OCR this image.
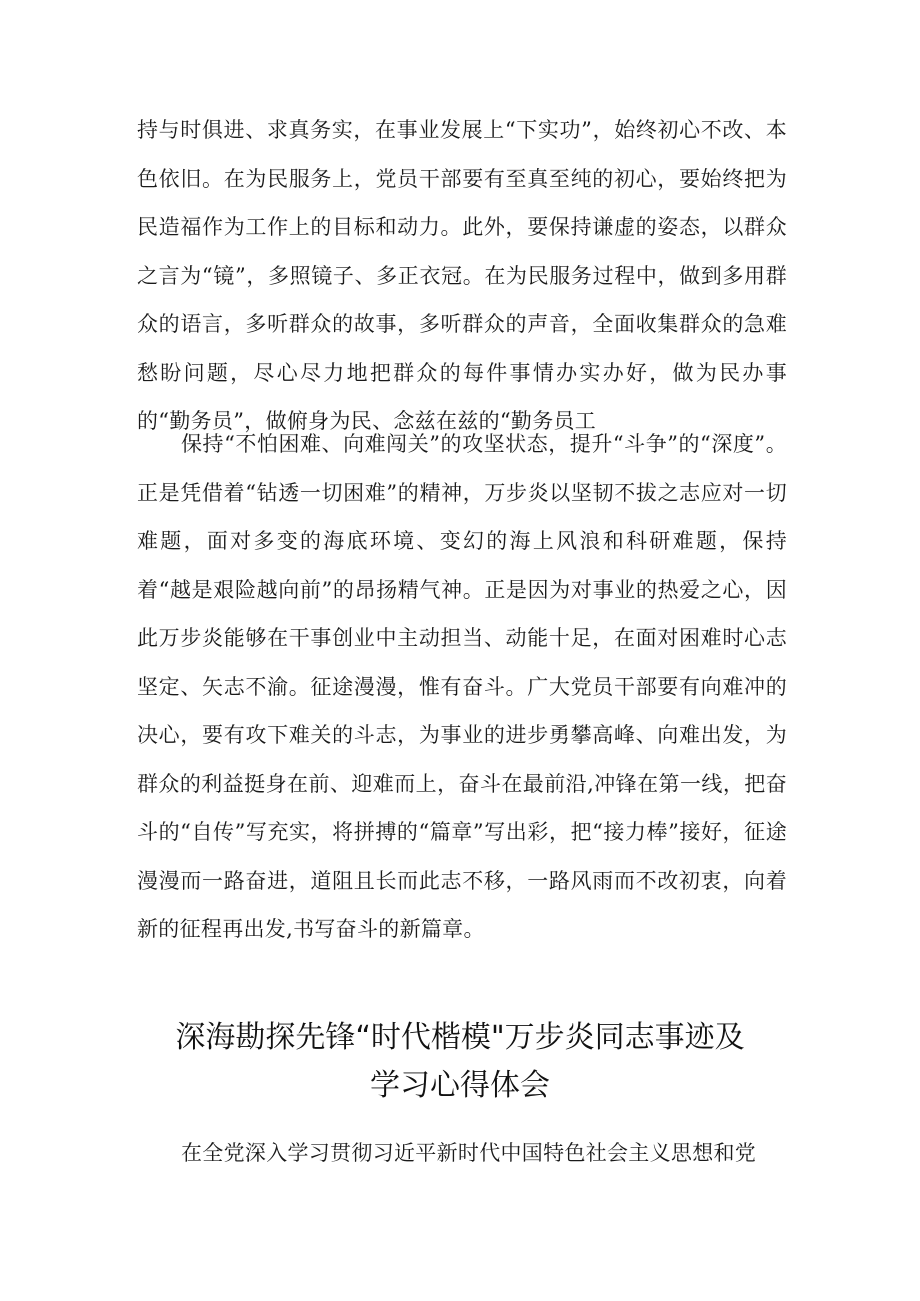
持与时俱进、求真务实，在事业发展上“下实功”，始终初心不改、本色依旧。在为民服务上，党员干部要有至真至纯的初心，要始终把为民造福作为工作上的目标和动力。此外，要保持谦虚的姿态，以群众之言为“镜”，多照镜子、多正衣冠。在为民服务过程中，做到多用群众的语言，多听群众的故事，多听群众的声音，全面收集群众的急难愁盼问题，尽心尽力地把群众的每件事情办实办好，做为民办事的“勤务员”，做俯身为民、念兹在兹的“勤务员工

保持“不怕困难、向难闯关”的攻坚状态，提升“斗争”的“深度”。正是凭借着“钻透一切困难”的精神，万步炎以坚韧不拔之志应对一切难题，面对多变的海底环境、变幻的海上风浪和科研难题，保持着“越是艰险越向前”的昂扬精气神。正是因为对事业的热爱之心，因此万步炎能够在干事创业中主动担当、动能十足，在面对困难时心志坚定、矢志不渝。征途漫漫，惟有奋斗。广大党员干部要有向难冲的决心，要有攻下难关的斗志，为事业的进步勇攀高峰、向难出发，为群众的利益挺身在前、迎难而上，奋斗在最前沿,冲锋在第一线，把奋斗的“自传”写充实，将拼搏的“篇章”写出彩，把“接力棒”接好，征途漫漫而一路奋进，道阻且长而此志不移，一路风雨而不改初衷，向着新的征程再出发,书写奋斗的新篇章。

深海勘探先锋“时代楷模"万步炎同志事迹及
学习心得体会

在全党深入学习贯彻习近平新时代中国特色社会主义思想和党
